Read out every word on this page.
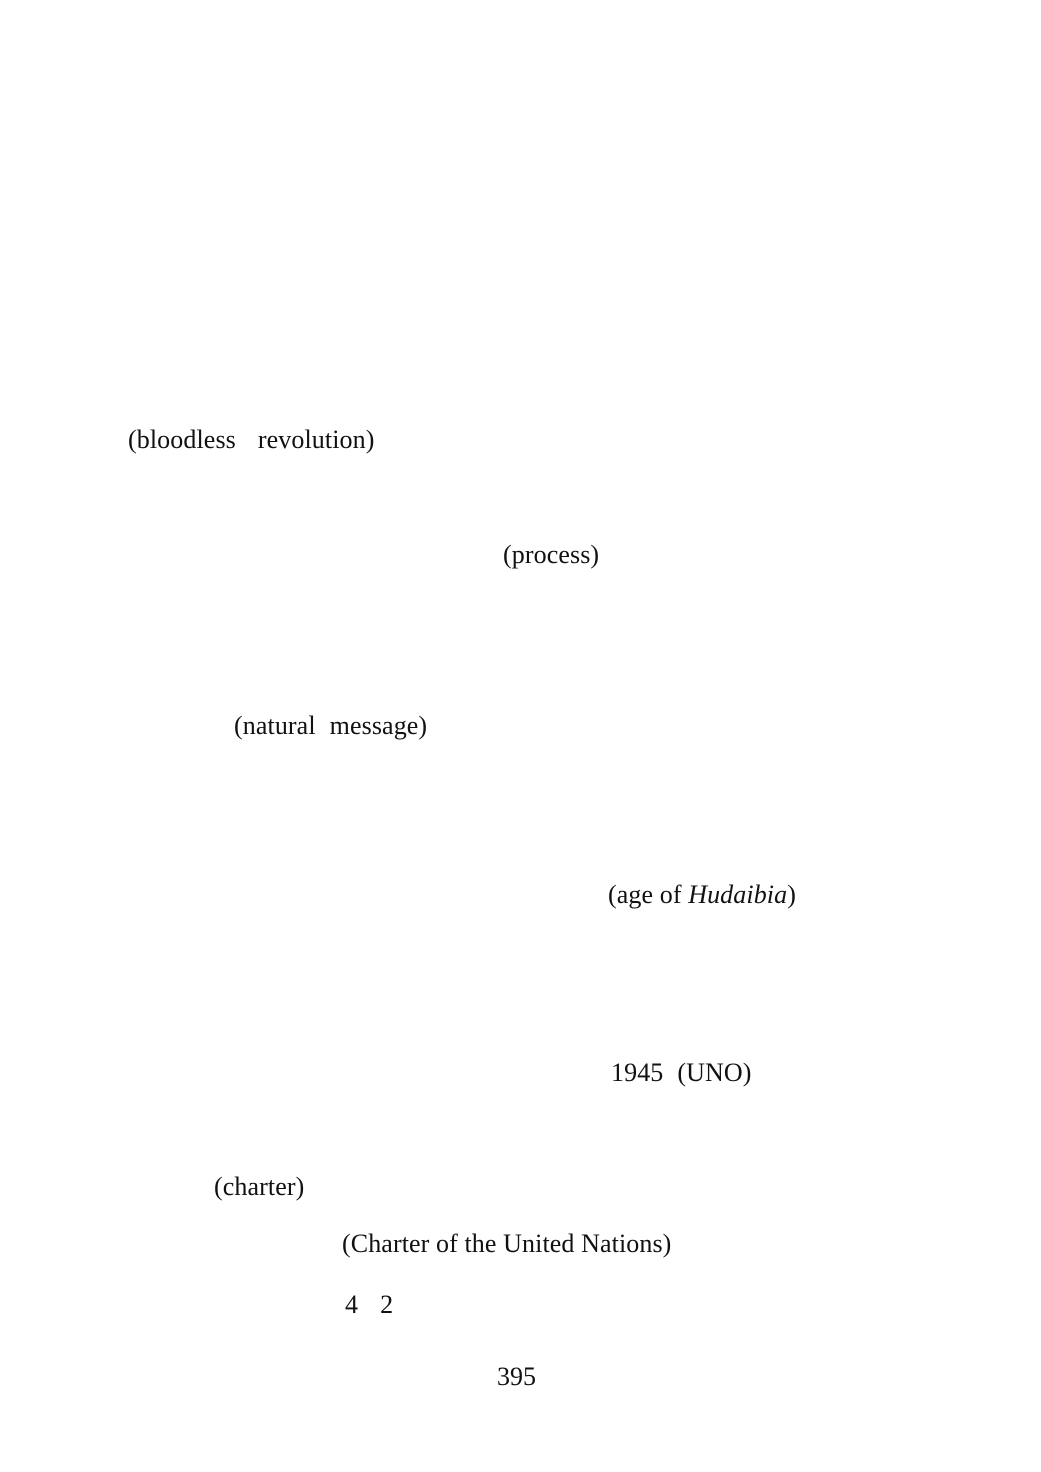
(bloodless revolution)
(process)
(natural message)
(age of Hudaibia)
1945 (UNO)
(charter)
(Charter of the United Nations)
4 2
395
